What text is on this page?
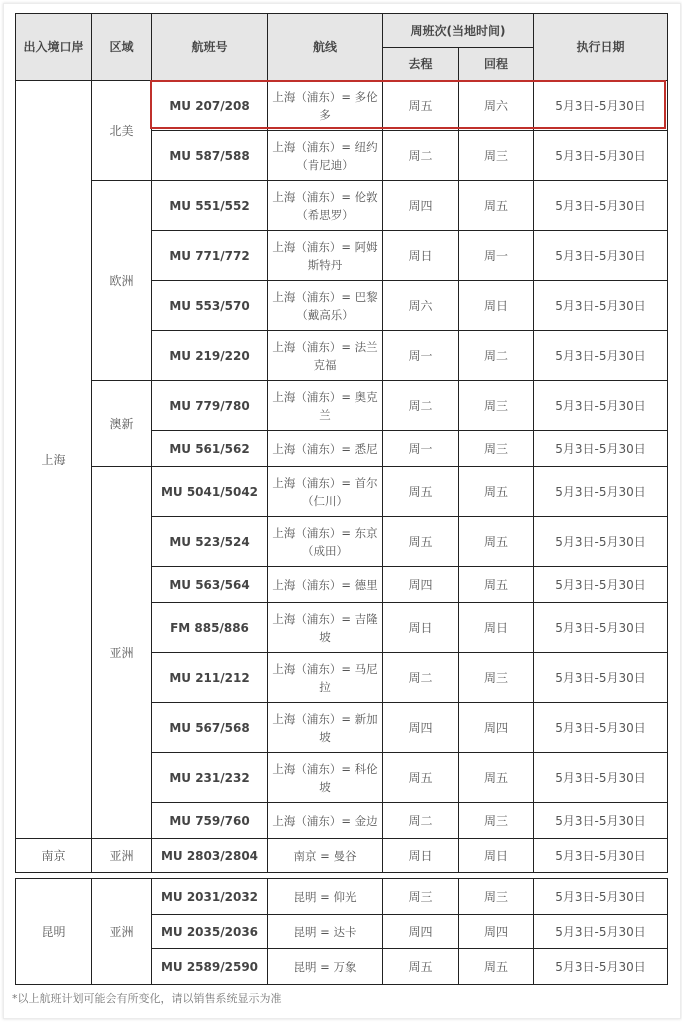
出入境口岸	区域	航班号	航线	周班次(当地时间)		执行日期
				去程	回程	
上海	北美	MU 207/208	上海（浦东）= 多伦多	周五	周六	5月3日-5月30日
		MU 587/588	上海（浦东）= 纽约（肯尼迪）	周二	周三	5月3日-5月30日
	欧洲	MU 551/552	上海（浦东）= 伦敦（希思罗）	周四	周五	5月3日-5月30日
		MU 771/772	上海（浦东）= 阿姆斯特丹	周日	周一	5月3日-5月30日
		MU 553/570	上海（浦东）= 巴黎（戴高乐）	周六	周日	5月3日-5月30日
		MU 219/220	上海（浦东）= 法兰克福	周一	周二	5月3日-5月30日
	澳新	MU 779/780	上海（浦东）= 奥克兰	周二	周三	5月3日-5月30日
		MU 561/562	上海（浦东）= 悉尼	周一	周三	5月3日-5月30日
	亚洲	MU 5041/5042	上海（浦东）= 首尔（仁川）	周五	周五	5月3日-5月30日
		MU 523/524	上海（浦东）= 东京（成田）	周五	周五	5月3日-5月30日
		MU 563/564	上海（浦东）= 德里	周四	周五	5月3日-5月30日
		FM 885/886	上海（浦东）= 吉隆坡	周日	周日	5月3日-5月30日
		MU 211/212	上海（浦东）= 马尼拉	周二	周三	5月3日-5月30日
		MU 567/568	上海（浦东）= 新加坡	周四	周四	5月3日-5月30日
		MU 231/232	上海（浦东）= 科伦坡	周五	周五	5月3日-5月30日
		MU 759/760	上海（浦东）= 金边	周二	周三	5月3日-5月30日
南京	亚洲	MU 2803/2804	南京 = 曼谷	周日	周日	5月3日-5月30日
昆明	亚洲	MU 2031/2032	昆明 = 仰光	周三	周三	5月3日-5月30日
		MU 2035/2036	昆明 = 达卡	周四	周四	5月3日-5月30日
		MU 2589/2590	昆明 = 万象	周五	周五	5月3日-5月30日
*以上航班计划可能会有所变化，请以销售系统显示为准
